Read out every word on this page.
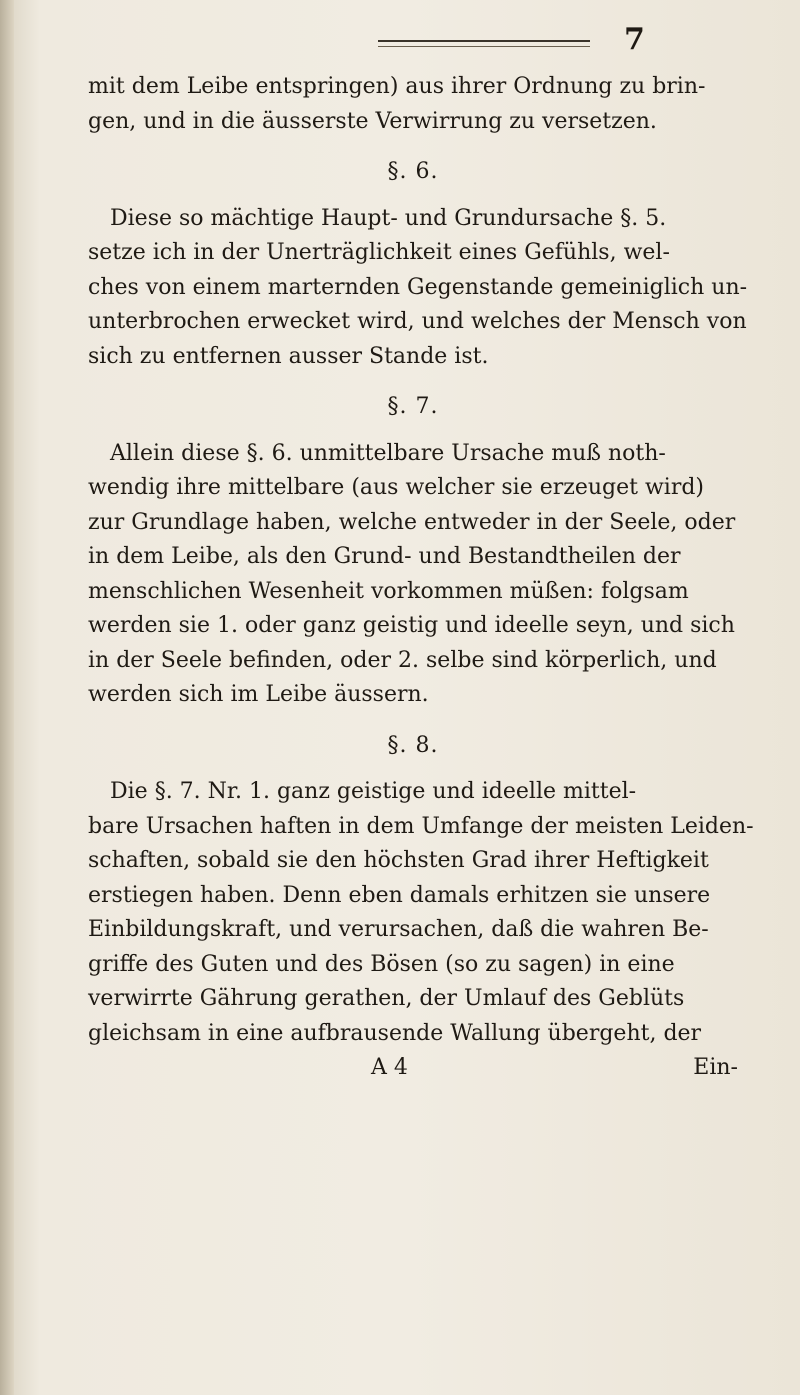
7
mit dem Leibe entspringen) aus ihrer Ordnung zu brin-
gen, und in die äusserste Verwirrung zu versetzen.
§. 6.
Diese so mächtige Haupt- und Grundursache §. 5.
setze ich in der Unerträglichkeit eines Gefühls, wel-
ches von einem marternden Gegenstande gemeiniglich un-
unterbrochen erwecket wird, und welches der Mensch von
sich zu entfernen ausser Stande ist.
§. 7.
Allein diese §. 6. unmittelbare Ursache muß noth-
wendig ihre mittelbare (aus welcher sie erzeuget wird)
zur Grundlage haben, welche entweder in der Seele, oder
in dem Leibe, als den Grund- und Bestandtheilen der
menschlichen Wesenheit vorkommen müßen: folgsam
werden sie 1. oder ganz geistig und ideelle seyn, und sich
in der Seele befinden, oder 2. selbe sind körperlich, und
werden sich im Leibe äussern.
§. 8.
Die §. 7. Nr. 1. ganz geistige und ideelle mittel-
bare Ursachen haften in dem Umfange der meisten Leiden-
schaften, sobald sie den höchsten Grad ihrer Heftigkeit
erstiegen haben. Denn eben damals erhitzen sie unsere
Einbildungskraft, und verursachen, daß die wahren Be-
griffe des Guten und des Bösen (so zu sagen) in eine
verwirrte Gährung gerathen, der Umlauf des Geblüts
gleichsam in eine aufbrausende Wallung übergeht, der
A 4	Ein-
